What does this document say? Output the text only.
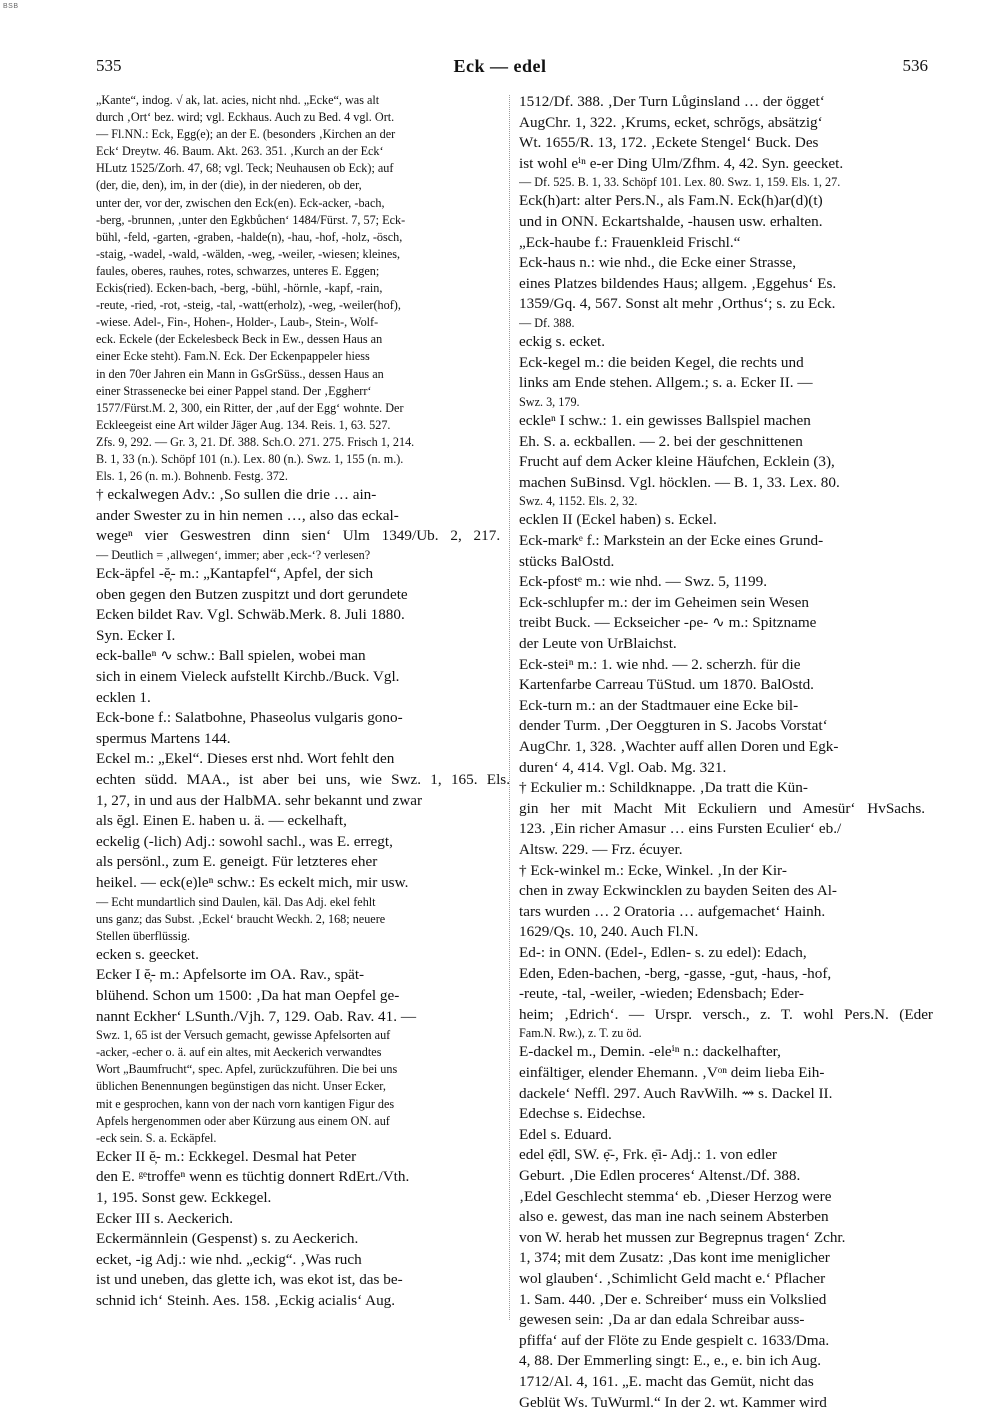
BSB
535	Eck — edel	536
„Kante“, indog. √ ak, lat. acies, nicht nhd. „Ecke“, was alt
durch ‚Ort‘ bez. wird; vgl. Eckhaus. Auch zu Bed. 4 vgl. Ort.
— Fl.NN.: Eck, Egg(e); an der E. (besonders ‚Kirchen an der
Eck‘ Dreytw. 46. Baum. Akt. 263. 351. ‚Kurch an der Eck‘
HLutz 1525/Zorh. 47, 68; vgl. Teck; Neuhausen ob Eck); auf
(der, die, den), im, in der (die), in der niederen, ob der,
unter der, vor der, zwischen den Eck(en). Eck-acker, -bach,
-berg, -brunnen, ‚unter den Egkbůchen‘ 1484/Fürst. 7, 57; Eck-
bühl, -feld, -garten, -graben, -halde(n), -hau, -hof, -holz, -ösch,
-staig, -wadel, -wald, -wälden, -weg, -weiler, -wiesen; kleines,
faules, oberes, rauhes, rotes, schwarzes, unteres E. Eggen;
Eckis(ried). Ecken-bach, -berg, -bühl, -hörnle, -kapf, -rain,
-reute, -ried, -rot, -steig, -tal, -watt(erholz), -weg, -weiler(hof),
-wiese. Adel-, Fin-, Hohen-, Holder-, Laub-, Stein-, Wolf-
eck. Eckele (der Eckelesbeck Beck in Ew., dessen Haus an
einer Ecke steht). Fam.N. Eck. Der Eckenpappeler hiess
in den 70er Jahren ein Mann in GsGrSüss., dessen Haus an
einer Strassenecke bei einer Pappel stand. Der ‚Eggherr‘
1577/Fürst.M. 2, 300, ein Ritter, der ‚auf der Egg‘ wohnte. Der
Eckleegeist eine Art wilder Jäger Aug. 134. Reis. 1, 63. 527.
Zfs. 9, 292. — Gr. 3, 21. Df. 388. Sch.O. 271. 275. Frisch 1, 214.
B. 1, 33 (n.). Schöpf 101 (n.). Lex. 80 (n.). Swz. 1, 155 (n. m.).
Els. 1, 26 (n. m.). Bohnenb. Festg. 372.
† eckalwegen Adv.: ‚So sullen die drie … ain-
ander Swester zu in hin nemen …, also das eckal-
wegeⁿ vier Geswestren dinn sien‘ Ulm 1349/Ub. 2, 217.
— Deutlich = ‚allwegen‘, immer; aber ‚eck-‘? verlesen?
Eck-äpfel -ĕ̦- m.: „Kantapfel“, Apfel, der sich
oben gegen den Butzen zuspitzt und dort gerundete
Ecken bildet Rav. Vgl. Schwäb.Merk. 8. Juli 1880.
Syn. Ecker I.
eck-balleⁿ ∿ schw.: Ball spielen, wobei man
sich in einem Vieleck aufstellt Kirchb./Buck. Vgl.
ecklen 1.
Eck-bone f.: Salatbohne, Phaseolus vulgaris gono-
spermus Martens 144.
Eckel m.: „Ekel“. Dieses erst nhd. Wort fehlt den
echten südd. MAA., ist aber bei uns, wie Swz. 1, 165. Els.
1, 27, in und aus der HalbMA. sehr bekannt und zwar
als ĕ̦gl. Einen E. haben u. ä. — eckelhaft,
eckelig (-lich) Adj.: sowohl sachl., was E. erregt,
als persönl., zum E. geneigt. Für letzteres eher
heikel. — eck(e)leⁿ schw.: Es eckelt mich, mir usw.
— Echt mundartlich sind Daulen, käl. Das Adj. ekel fehlt
uns ganz; das Subst. ‚Eckel‘ braucht Weckh. 2, 168; neuere
Stellen überflüssig.
ecken s. geecket.
Ecker I ĕ̦- m.: Apfelsorte im OA. Rav., spät-
blühend. Schon um 1500: ‚Da hat man Oepfel ge-
nannt Eckher‘ LSunth./Vjh. 7, 129. Oab. Rav. 41. —
Swz. 1, 65 ist der Versuch gemacht, gewisse Apfelsorten auf
-acker, -echer o. ä. auf ein altes, mit Aeckerich verwandtes
Wort „Baumfrucht“, spec. Apfel, zurückzuführen. Die bei uns
üblichen Benennungen begünstigen das nicht. Unser Ecker,
mit e gesprochen, kann von der nach vorn kantigen Figur des
Apfels hergenommen oder aber Kürzung aus einem ON. auf
-eck sein. S. a. Eckäpfel.
Ecker II ĕ̦- m.: Eckkegel. Desmal hat Peter
den E. ᵍᵉtroffeⁿ wenn es tüchtig donnert RdErt./Vth.
1, 195. Sonst gew. Eckkegel.
Ecker III s. Aeckerich.
Eckermännlein (Gespenst) s. zu Aeckerich.
ecket, -ig Adj.: wie nhd. „eckig“. ‚Was ruch
ist und uneben, das glette ich, was ekot ist, das be-
schnid ich‘ Steinh. Aes. 158. ‚Eckig acialis‘ Aug.
1512/Df. 388. ‚Der Turn Lůginsland … der ögget‘
AugChr. 1, 322. ‚Krums, ecket, schrŏgs, absätzig‘
Wt. 1655/R. 13, 172. ‚Eckete Stengel‘ Buck. Des
ist wohl eⁱⁿ e-er Ding Ulm/Zfhm. 4, 42. Syn. geecket.
— Df. 525. B. 1, 33. Schöpf 101. Lex. 80. Swz. 1, 159. Els. 1, 27.
Eck(h)art: alter Pers.N., als Fam.N. Eck(h)ar(d)(t)
und in ONN. Eckartshalde, -hausen usw. erhalten.
„Eck-haube f.: Frauenkleid Frischl.“
Eck-haus n.: wie nhd., die Ecke einer Strasse,
eines Platzes bildendes Haus; allgem. ‚Eggehus‘ Es.
1359/Gq. 4, 567. Sonst alt mehr ‚Orthus‘; s. zu Eck.
— Df. 388.
eckig s. ecket.
Eck-kegel m.: die beiden Kegel, die rechts und
links am Ende stehen. Allgem.; s. a. Ecker II. —
Swz. 3, 179.
eckleⁿ I schw.: 1. ein gewisses Ballspiel machen
Eh. S. a. eckballen. — 2. bei der geschnittenen
Frucht auf dem Acker kleine Häufchen, Ecklein (3),
machen SuBinsd. Vgl. höcklen. — B. 1, 33. Lex. 80.
Swz. 4, 1152. Els. 2, 32.
ecklen II (Eckel haben) s. Eckel.
Eck-markᵉ f.: Markstein an der Ecke eines Grund-
stücks BalOstd.
Eck-pfostᵉ m.: wie nhd. — Swz. 5, 1199.
Eck-schlupfer m.: der im Geheimen sein Wesen
treibt Buck. — Eckseicher -ρe- ∿ m.: Spitzname
der Leute von UrBlaichst.
Eck-steiⁿ m.: 1. wie nhd. — 2. scherzh. für die
Kartenfarbe Carreau TüStud. um 1870. BalOstd.
Eck-turn m.: an der Stadtmauer eine Ecke bil-
dender Turm. ‚Der Oeggturen in S. Jacobs Vorstat‘
AugChr. 1, 328. ‚Wachter auff allen Doren und Egk-
duren‘ 4, 414. Vgl. Oab. Mg. 321.
† Eckulier m.: Schildknappe. ‚Da tratt die Kün-
gin her mit Macht Mit Eckuliern und Amesür‘ HvSachs.
123. ‚Ein richer Amasur … eins Fursten Eculier‘ eb./
Altsw. 229. — Frz. écuyer.
† Eck-winkel m.: Ecke, Winkel. ‚In der Kir-
chen in zway Eckwincklen zu bayden Seiten des Al-
tars wurden … 2 Oratoria … aufgemachet‘ Hainh.
1629/Qs. 10, 240. Auch Fl.N.
Ed-: in ONN. (Edel-, Edlen- s. zu edel): Edach,
Eden, Eden-bachen, -berg, -gasse, -gut, -haus, -hof,
-reute, -tal, -weiler, -wieden; Edensbach; Eder-
heim; ‚Edrich‘. — Urspr. versch., z. T. wohl Pers.N. (Eder
Fam.N. Rw.), z. T. zu öd.
E-dackel m., Demin. -eleⁱⁿ n.: dackelhafter,
einfältiger, elender Ehemann. ‚Vᵒⁿ deim lieba Eih-
dackele‘ Neffl. 297. Auch RavWilh. ⇝ s. Dackel II.
Edechse s. Eidechse.
Edel s. Eduard.
edel ẹ̄dl, SW. ẹ̄-, Frk. ẹ̄i- Adj.: 1. von edler
Geburt. ‚Die Edlen proceres‘ Altenst./Df. 388.
‚Edel Geschlecht stemma‘ eb. ‚Dieser Herzog were
also e. gewest, das man ine nach seinem Absterben
von W. herab het mussen zur Begrepnus tragen‘ Zchr.
1, 374; mit dem Zusatz: ‚Das kont ime meniglicher
wol glauben‘. ‚Schimlicht Geld macht e.‘ Pflacher
1. Sam. 440. ‚Der e. Schreiber‘ muss ein Volkslied
gewesen sein: ‚Da ar dan edala Schreibar auss-
pfiffa‘ auf der Flöte zu Ende gespielt c. 1633/Dma.
4, 88. Der Emmerling singt: E., e., e. bin ich Aug.
1712/Al. 4, 161. „E. macht das Gemüt, nicht das
Geblüt Ws. TuWurml.“ In der 2. wt. Kammer wird
